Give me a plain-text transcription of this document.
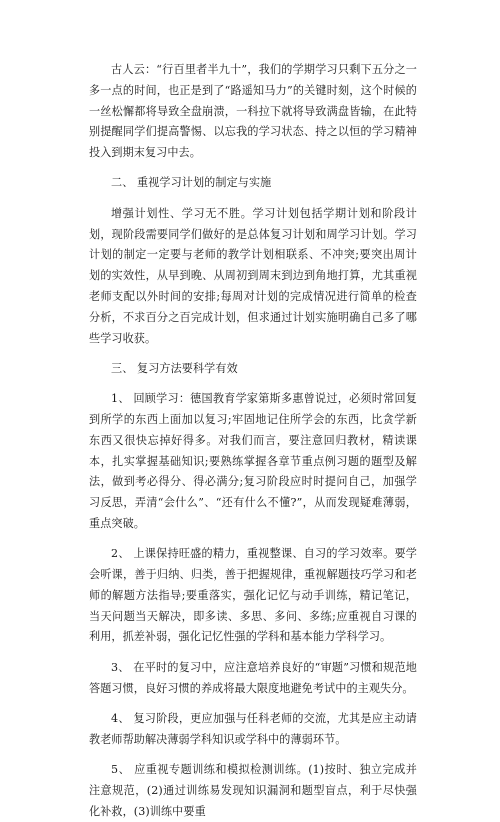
古人云：“行百里者半九十”，我们的学期学习只剩下五分之一多一点的时间，也正是到了“路遥知马力”的关键时刻，这个时候的一丝松懈都将导致全盘崩溃，一科拉下就将导致满盘皆输，在此特别提醒同学们提高警惕、以忘我的学习状态、持之以恒的学习精神投入到期末复习中去。

二、 重视学习计划的制定与实施

增强计划性、学习无不胜。学习计划包括学期计划和阶段计划，现阶段需要同学们做好的是总体复习计划和周学习计划。学习计划的制定一定要与老师的教学计划相联系、不冲突;要突出周计划的实效性，从早到晚、从周初到周末到边到角地打算，尤其重视老师支配以外时间的安排;每周对计划的完成情况进行简单的检查分析，不求百分之百完成计划，但求通过计划实施明确自己多了哪些学习收获。

三、 复习方法要科学有效

1、 回顾学习：德国教育学家第斯多惠曾说过，必须时常回复到所学的东西上面加以复习;牢固地记住所学会的东西，比贪学新东西又很快忘掉好得多。对我们而言，要注意回归教材，精读课本，扎实掌握基础知识;要熟练掌握各章节重点例习题的题型及解法，做到考必得分、得必满分;复习阶段应时时提问自己，加强学习反思，弄清“会什么”、“还有什么不懂?”，从而发现疑难薄弱，重点突破。

2、 上课保持旺盛的精力，重视整课、自习的学习效率。要学会听课，善于归纳、归类，善于把握规律，重视解题技巧学习和老师的解题方法指导;要重落实，强化记忆与动手训练，精记笔记，当天问题当天解决，即多读、多思、多问、多练;应重视自习课的利用，抓差补弱，强化记忆性强的学科和基本能力学科学习。

3、 在平时的复习中，应注意培养良好的“审题”习惯和规范地答题习惯，良好习惯的养成将最大限度地避免考试中的主观失分。

4、 复习阶段，更应加强与任科老师的交流，尤其是应主动请教老师帮助解决薄弱学科知识或学科中的薄弱环节。

5、 应重视专题训练和模拟检测训练。(1)按时、独立完成并注意规范，(2)通过训练易发现知识漏洞和题型盲点，利于尽快强化补救，(3)训练中要重
